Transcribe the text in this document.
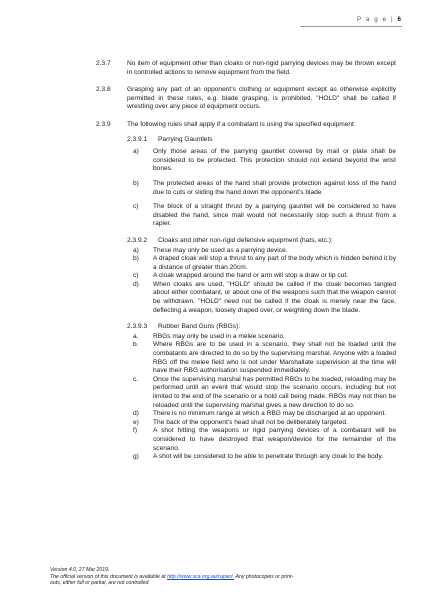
P a g e | 6
2.3.7	No item of equipment other than cloaks or non-rigid parrying devices may be thrown except in controlled actions to remove equipment from the field.
2.3.8	Grasping any part of an opponent’s clothing or equipment except as otherwise explicitly permitted in these rules, e.g. blade grasping, is prohibited. "HOLD" shall be called if wrestling over any piece of equipment occurs.
2.3.9	The following rules shall apply if a combatant is using the specified equipment:
2.3.9.1	Parrying Gauntlets
a)	Only those areas of the parrying gauntlet covered by mail or plate shall be considered to be protected. This protection should not extend beyond the wrist bones.
b)	The protected areas of the hand shall provide protection against loss of the hand due to cuts or sliding the hand down the opponent’s blade
c)	The block of a straight thrust by a parrying gauntlet will be considered to have disabled the hand, since mail would not necessarily stop such a thrust from a rapier.
2.3.9.2	Cloaks and other non-rigid defensive equipment (hats, etc.):
a)	These may only be used as a parrying device.
b)	A draped cloak will stop a thrust to any part of the body which is hidden behind it by a distance of greater than 20cm.
c)	A cloak wrapped around the hand or arm will stop a draw or tip cut.
d)	When cloaks are used, "HOLD" should be called if the cloak becomes tangled about either combatant, or about one of the weapons such that the weapon cannot be withdrawn. "HOLD" need not be called if the cloak is merely near the face, deflecting a weapon, loosely draped over, or weighting down the blade.
2.3.9.3	Rubber Band Guns (RBGs):
a.	RBGs may only be used in a melee scenario.
b.	Where RBGs are to be used in a scenario, they shall not be loaded until the combatants are directed to do so by the supervising marshal. Anyone with a loaded RBG off the melee field who is not under Marshallate supervision at the time will have their RBG authorisation suspended immediately.
c.	Once the supervising marshal has permitted RBGs to be loaded, reloading may be performed until an event that would stop the scenario occurs, including but not limited to the end of the scenario or a hold call being made. RBGs may not then be reloaded until the supervising marshal gives a new direction to do so.
d)	There is no minimum range at which a RBG may be discharged at an opponent.
e)	The back of the opponent’s head shall not be deliberately targeted.
f)	A shot hitting the weapons or rigid parrying devices of a combatant will be considered to have destroyed that weapon/device for the remainder of the scenario.
g)	A shot will be considered to be able to penetrate through any cloak to the body.
Version 4.0, 27 Mar 2019.
The official version of this document is available at http://www.sca.org.au/rapier/. Any photocopies or print-
outs, either full or partial, are not controlled.
